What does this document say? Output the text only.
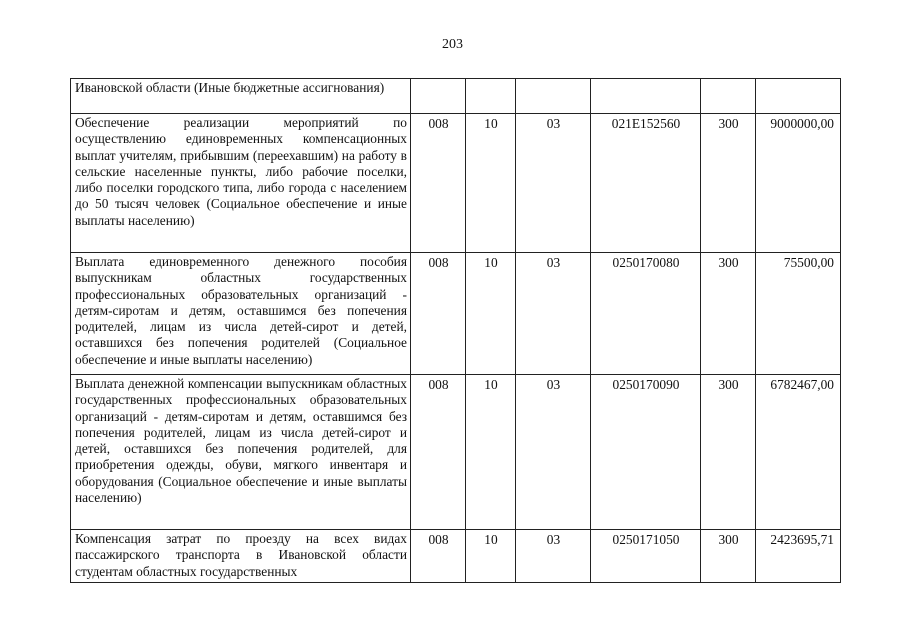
203
Ивановской области (Иные бюджетные ассигнования)						
Обеспечение реализации мероприятий по осуществлению единовременных компенсационных выплат учителям, прибывшим (переехавшим) на работу в сельские населенные пункты, либо рабочие поселки, либо поселки городского типа, либо города с населением до 50 тысяч человек (Социальное обеспечение и иные выплаты населению)	008	10	03	021Е152560	300	9000000,00
Выплата единовременного денежного пособия выпускникам областных государственных профессиональных образовательных организаций - детям-сиротам и детям, оставшимся без попечения родителей, лицам из числа детей-сирот и детей, оставшихся без попечения родителей (Социальное обеспечение и иные выплаты населению)	008	10	03	0250170080	300	75500,00
Выплата денежной компенсации выпускникам областных государственных профессиональных образовательных организаций - детям-сиротам и детям, оставшимся без попечения родителей, лицам из числа детей-сирот и детей, оставшихся без попечения родителей, для приобретения одежды, обуви, мягкого инвентаря и оборудования (Социальное обеспечение и иные выплаты населению)	008	10	03	0250170090	300	6782467,00
Компенсация затрат по проезду на всех видах пассажирского транспорта в Ивановской области студентам областных государственных	008	10	03	0250171050	300	2423695,71
